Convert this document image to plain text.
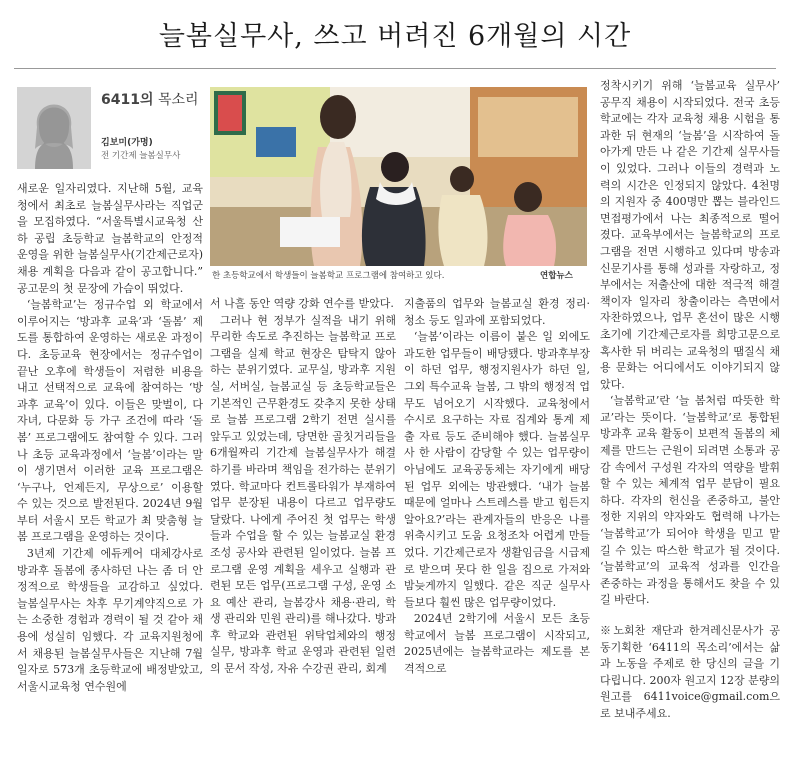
늘봄실무사, 쓰고 버려진 6개월의 시간
6411의 목소리
김보미(가명)
전 기간제 늘봄실무사
한 초등학교에서 학생들이 늘봄학교 프로그램에 참여하고 있다.	연합뉴스

새로운 일자리였다. 지난해 5월, 교육청에서 최초로 늘봄실무사라는 직업군을 모집하였다. “서울특별시교육청 산하 공립 초등학교 늘봄학교의 안정적 운영을 위한 늘봄실무사(기간제근로자) 채용 계획을 다음과 같이 공고합니다.” 공고문의 첫 문장에 가슴이 뛰었다.

‘늘봄학교’는 정규수업 외 학교에서 이루어지는 ‘방과후 교육’과 ‘돌봄’ 제도를 통합하여 운영하는 새로운 과정이다. 초등교육 현장에서는 정규수업이 끝난 오후에 학생들이 저렴한 비용을 내고 선택적으로 교육에 참여하는 ‘방과후 교육’이 있다. 이들은 맞벌이, 다자녀, 다문화 등 가구 조건에 따라 ‘돌봄’ 프로그램에도 참여할 수 있다. 그러나 초등 교육과정에서 ‘늘봄’이라는 말이 생기면서 이러한 교육 프로그램은 ‘누구나, 언제든지, 무상으로’ 이용할 수 있는 것으로 발전된다. 2024년 9월부터 서울시 모든 학교가 최 맞춤형 늘봄 프로그램을 운영하는 것이다.

3년제 기간제 에듀케어 대체강사로 방과후 돌봄에 종사하던 나는 좀 더 안정적으로 학생들을 교감하고 싶었다. 늘봄실무사는 차후 무기계약직으로 가는 소중한 경험과 경력이 될 것 같아 채용에 성실히 임했다. 각 교육지원청에서 채용된 늘봄실무사들은 지난해 7월 일자로 573개 초등학교에 배정받았고, 서울시교육청 연수원에

서 나흘 동안 역량 강화 연수를 받았다.

그러나 현 정부가 실적을 내기 위해 무리한 속도로 추진하는 늘봄학교 프로그램을 실제 학교 현장은 탐탁지 않아 하는 분위기였다. 교무실, 방과후 지원실, 서버실, 늘봄교실 등 초등학교들은 기본적인 근무환경도 갖추지 못한 상태로 늘봄 프로그램 2학기 전면 실시를 앞두고 있었는데, 당면한 골칫거리들을 6개월짜리 기간제 늘봄실무사가 해결하기를 바라며 책임을 전가하는 분위기였다. 학교마다 컨트롤타워가 부재하여 업무 분장된 내용이 다르고 업무량도 달랐다. 나에게 주어진 첫 업무는 학생들과 수업을 할 수 있는 늘봄교실 환경 조성 공사와 관련된 일이었다. 늘봄 프로그램 운영 계획을 세우고 실행과 관련된 모든 업무(프로그램 구성, 운영 소요 예산 관리, 늘봄강사 채용·관리, 학생 관리와 민원 관리)를 해나갔다. 방과후 학교와 관련된 위탁업체와의 행정 실무, 방과후 학교 운영과 관련된 일련의 문서 작성, 자유 수강권 관리, 회계

지출품의 업무와 늘봄교실 환경 정리·청소 등도 일과에 포함되었다.

‘늘봄’이라는 이름이 붙은 일 외에도 과도한 업무들이 배당됐다. 방과후부장이 하던 업무, 행정지원사가 하던 일, 그외 특수교육 늘봄, 그 밖의 행정적 업무도 넘어오기 시작했다. 교육청에서 수시로 요구하는 자료 집계와 통계 제출 자료 등도 준비해야 했다. 늘봄실무사 한 사람이 감당할 수 있는 업무량이 아님에도 교육공동체는 자기에게 배당된 업무 외에는 방관했다. ‘내가 늘봄 때문에 얼마나 스트레스를 받고 힘든지 알아요?’라는 관계자들의 반응은 나를 위축시키고 도움 요청조차 어렵게 만들었다. 기간제근로자 생활임금을 시급제로 받으며 못다 한 일을 집으로 가져와 밤늦게까지 일했다. 같은 직군 실무사들보다 훨씬 많은 업무량이었다.

2024년 2학기에 서울시 모든 초등학교에서 늘봄 프로그램이 시작되고, 2025년에는 늘봄학교라는 제도를 본격적으로

정착시키기 위해 ‘늘봄교육 실무사’ 공무직 채용이 시작되었다. 전국 초등학교에는 각자 교육청 채용 시험을 통과한 뒤 현재의 ‘늘봄’을 시작하여 돌아가게 만든 나 같은 기간제 실무사들이 있었다. 그러나 이들의 경력과 노력의 시간은 인정되지 않았다. 4천명의 지원자 중 400명만 뽑는 블라인드 면접평가에서 나는 최종적으로 떨어졌다. 교육부에서는 늘봄학교의 프로그램을 전면 시행하고 있다며 방송과 신문기사를 통해 성과를 자랑하고, 정부에서는 저출산에 대한 적극적 해결책이자 일자리 창출이라는 측면에서 자찬하였으나, 업무 혼선이 많은 시행 초기에 기간제근로자를 희망고문으로 혹사한 뒤 버리는 교육청의 땜질식 채용 문화는 어디에서도 이야기되지 않았다.

‘늘봄학교’란 ‘늘 봄처럼 따뜻한 학교’라는 뜻이다. ‘늘봄학교’로 통합된 방과후 교육 활동이 보편적 돌봄의 체제를 만드는 근원이 되려면 소통과 공감 속에서 구성원 각자의 역량을 발휘할 수 있는 체계적 업무 분담이 필요하다. 각자의 헌신을 존중하고, 불안정한 지위의 약자와도 협력해 나가는 ‘늘봄학교’가 되어야 학생을 믿고 맡길 수 있는 따스한 학교가 될 것이다. ‘늘봄학교’의 교육적 성과를 인간을 존중하는 과정을 통해서도 찾을 수 있길 바란다.

※노회찬 재단과 한겨레신문사가 공동기획한 ‘6411의 목소리’에서는 삶과 노동을 주제로 한 당신의 글을 기다립니다. 200자 원고지 12장 분량의 원고를 6411voice@gmail.com으로 보내주세요.
